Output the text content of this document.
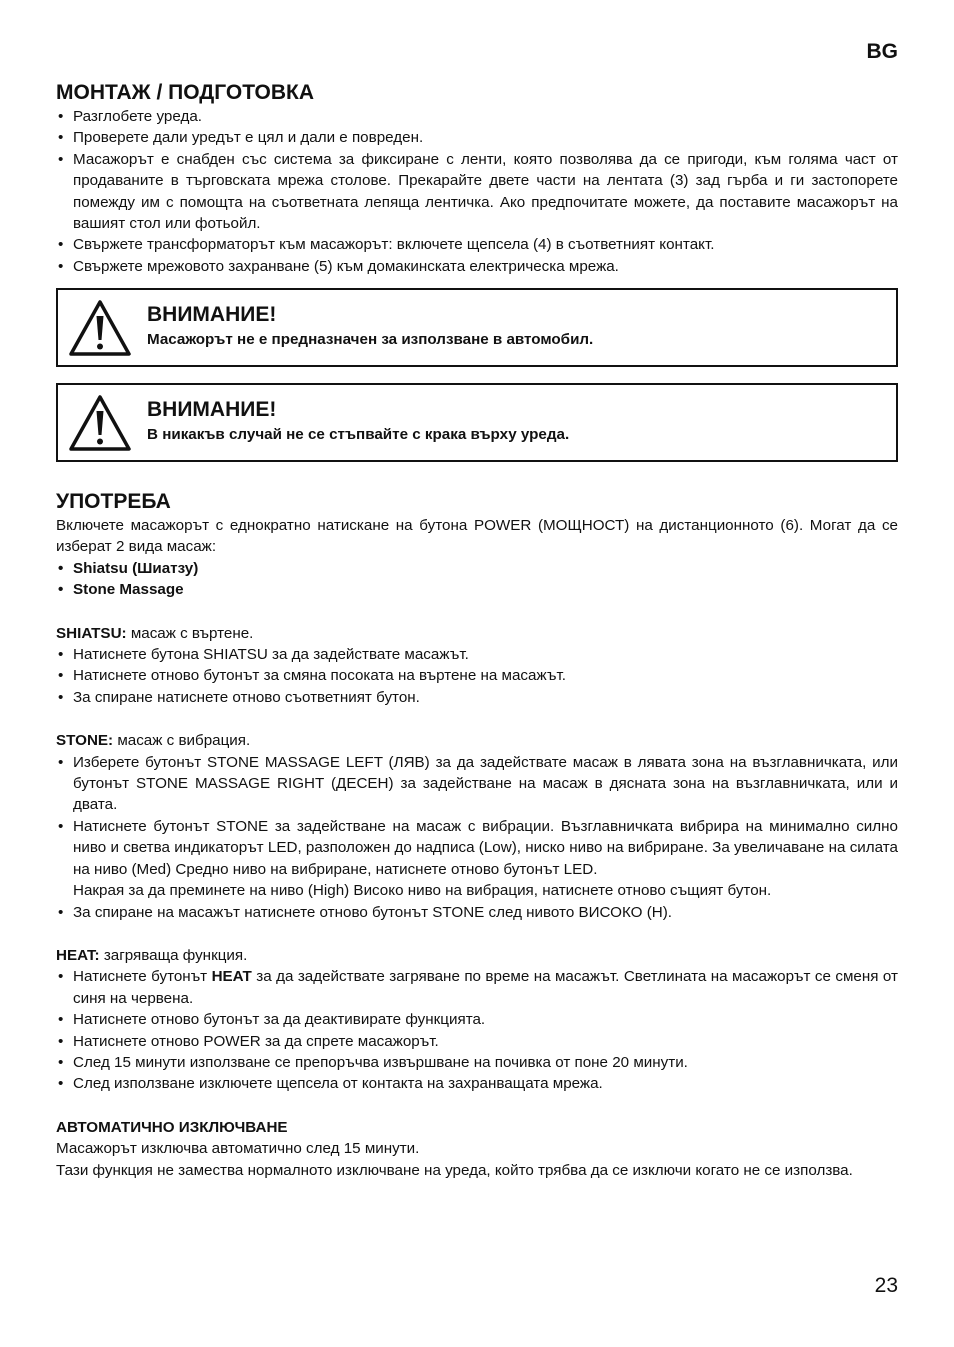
BG
МОНТАЖ / ПОДГОТОВКА
• Разглобете уреда.
• Проверете дали уредът е цял и дали е повреден.
• Масажорът е снабден със система за фиксиране с ленти, която позволява да се пригоди, към голяма част от продаваните в търговската мрежа столове. Прекарайте двете части на лентата (3) зад гърба и ги застопорете помежду им с помощта на съответната лепяща лентичка. Ако предпочитате можете, да поставите масажорът на вашият стол или фотьойл.
• Свържете трансформаторът към масажорът: включете щепсела (4) в съответният контакт.
• Свържете мрежовото захранване (5) към домакинската електрическа мрежа.
ВНИМАНИЕ!
Масажорът не е предназначен за използване в автомобил.
ВНИМАНИЕ!
В никакъв случай не се стъпвайте с крака върху уреда.
УПОТРЕБА

Включете масажорът с еднократно натискане на бутона POWER (МОЩНОСТ) на дистанционното (6). Могат да се изберат 2 вида масаж:

• Shiatsu (Шиатзу)
• Stone Massage

SHIATSU: масаж с въртене.

• Натиснете бутона SHIATSU за да задействате масажът.
• Натиснете отново бутонът за смяна посоката на въртене на масажът.
• За спиране натиснете отново съответният бутон.

STONE: масаж с вибрация.

• Изберете бутонът STONE MASSAGE LEFT (ЛЯВ) за да задействате масаж в лявата зона на възглавничката, или бутонът STONE MASSAGE RIGHT (ДЕСЕН) за задействане на масаж в дясната зона на възглавничката, или и двата.
• Натиснете бутонът STONE за задействане на масаж с вибрации. Възглавничката вибрира на минимално силно ниво и светва индикаторът LED, разположен до надписа (Low), ниско ниво на вибриране. За увеличаване на силата на ниво (Med) Средно ниво на вибриране, натиснете отново бутонът LED.
Накрая за да преминете на ниво (High) Високо ниво на вибрация, натиснете отново същият бутон.
• За спиране на масажът натиснете отново бутонът STONE след нивото ВИСОКО (H).

HEAT: загряваща функция.

• Натиснете бутонът HEAT за да задействате загряване по време на масажът. Светлината на масажорът се сменя от синя на червена.
• Натиснете отново бутонът за да деактивирате функцията.
• Натиснете отново POWER за да спрете масажорът.
• След 15 минути използване се препоръчва извършване на почивка от поне 20 минути.
• След използване изключете щепсела от контакта на захранващата мрежа.

АВТОМАТИЧНО ИЗКЛЮЧВАНЕ

Масажорът изключва автоматично след 15 минути.

Тази функция не замества нормалното изключване на уреда, който трябва да се изключи когато не се използва.

23
